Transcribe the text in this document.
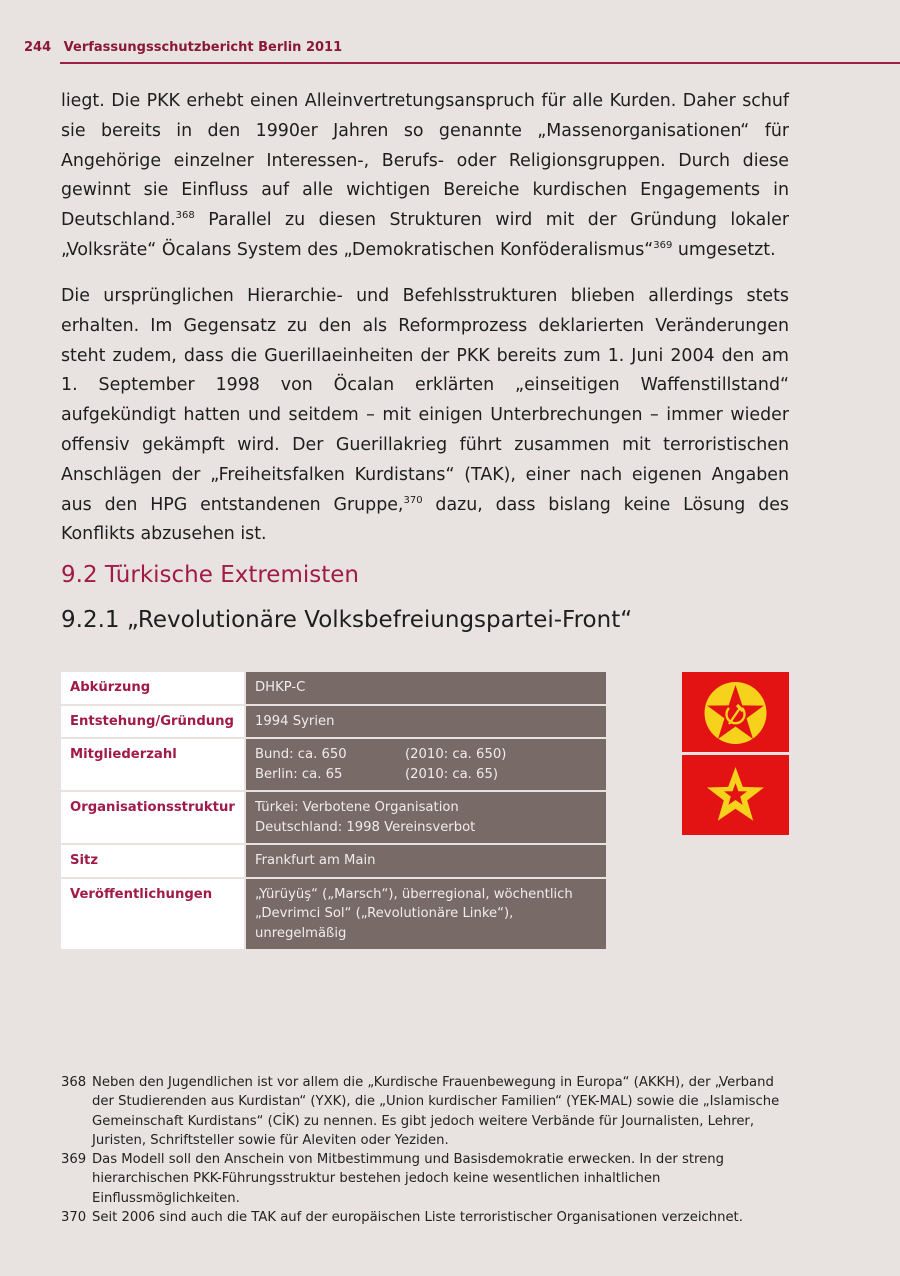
244 Verfassungsschutzbericht Berlin 2011

liegt. Die PKK erhebt einen Alleinvertretungsanspruch für alle Kurden. Daher schuf sie bereits in den 1990er Jahren so genannte „Massenorganisationen“ für Angehörige einzelner Interessen-, Berufs- oder Religionsgruppen. Durch diese gewinnt sie Einfluss auf alle wichtigen Bereiche kurdischen Engagements in Deutschland.$^{368}$ Parallel zu diesen Strukturen wird mit der Gründung lokaler „Volksräte“ Öcalans System des „Demokratischen Konföderalismus“$^{369}$ umgesetzt.

Die ursprünglichen Hierarchie- und Befehlsstrukturen blieben allerdings stets erhalten. Im Gegensatz zu den als Reformprozess deklarierten Veränderungen steht zudem, dass die Guerillaeinheiten der PKK bereits zum 1. Juni 2004 den am 1. September 1998 von Öcalan erklärten „einseitigen Waffenstillstand“ aufgekündigt hatten und seitdem – mit einigen Unterbrechungen – immer wieder offensiv gekämpft wird. Der Guerillakrieg führt zusammen mit terroristischen Anschlägen der „Freiheitsfalken Kurdistans“ (TAK), einer nach eigenen Angaben aus den HPG entstandenen Gruppe,$^{370}$ dazu, dass bislang keine Lösung des Konflikts abzusehen ist.

9.2 Türkische Extremisten
9.2.1 „Revolutionäre Volksbefreiungspartei-Front“
Abkürzung	DHKP-C
Entstehung/Gründung	1994 Syrien
Mitgliederzahl	Bund: ca. 650 (2010: ca. 650)
Berlin: ca. 65 (2010: ca. 65)

Organisationsstruktur	Türkei: Verbotene Organisation
Deutschland: 1998 Vereinsverbot

Sitz	Frankfurt am Main
Veröffentlichungen	„Yürüyüş“ („Marsch“), überregional, wöchentlich
„Devrimci Sol“ („Revolutionäre Linke“), unregelmäßig
368 Neben den Jugendlichen ist vor allem die „Kurdische Frauenbewegung in Europa“ (AKKH), der „Verband der Studierenden aus Kurdistan“ (YXK), die „Union kurdischer Familien“ (YEK-MAL) sowie die „Islamische Gemeinschaft Kurdistans“ (CİK) zu nennen. Es gibt jedoch weitere Verbände für Journalisten, Lehrer, Juristen, Schriftsteller sowie für Aleviten oder Yeziden.
369 Das Modell soll den Anschein von Mitbestimmung und Basisdemokratie erwecken. In der streng hierarchischen PKK-Führungsstruktur bestehen jedoch keine wesentlichen inhaltlichen Einflussmöglichkeiten.
370 Seit 2006 sind auch die TAK auf der europäischen Liste terroristischer Organisationen verzeichnet.
